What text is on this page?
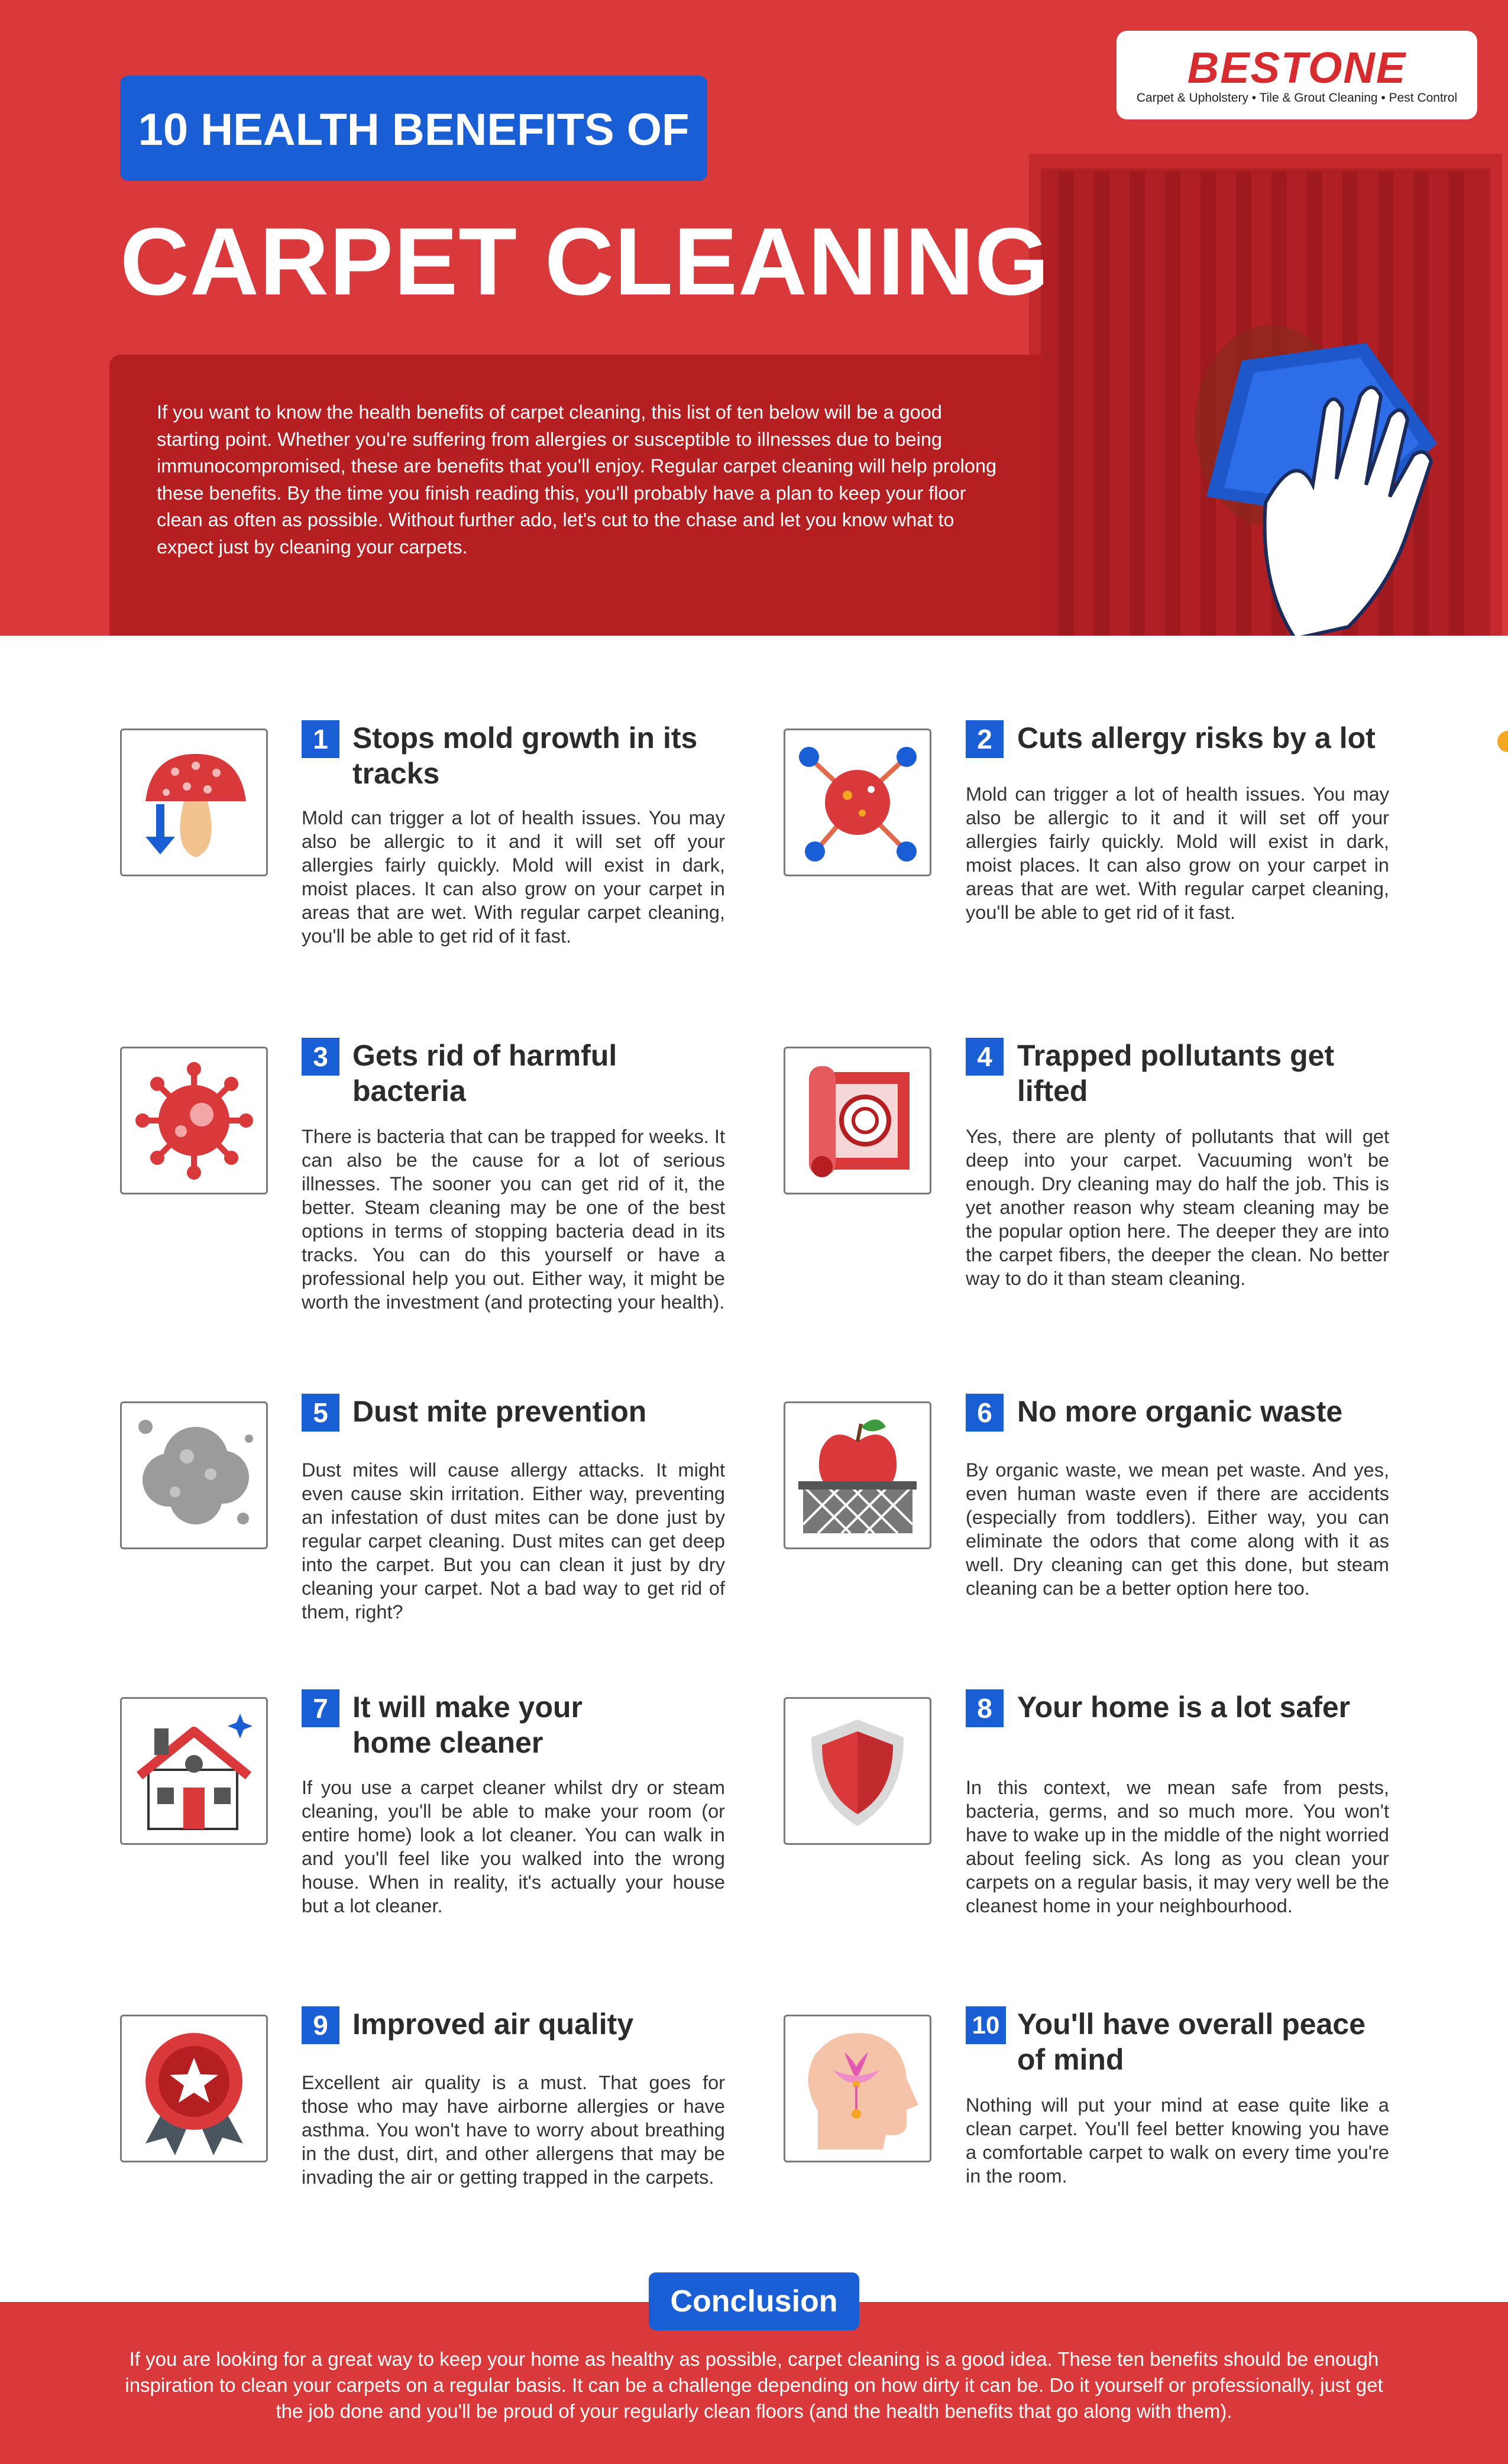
BESTONE
Carpet & Upholstery • Tile & Grout Cleaning • Pest Control
10 HEALTH BENEFITS OF
CARPET CLEANING
If you want to know the health benefits of carpet cleaning, this list of ten below will be a good starting point. Whether you're suffering from allergies or susceptible to illnesses due to being immunocompromised, these are benefits that you'll enjoy. Regular carpet cleaning will help prolong these benefits. By the time you finish reading this, you'll probably have a plan to keep your floor clean as often as possible. Without further ado, let's cut to the chase and let you know what to expect just by cleaning your carpets.
1 Stops mold growth in its
tracks
Mold can trigger a lot of health issues. You may also be allergic to it and it will set off your allergies fairly quickly. Mold will exist in dark, moist places. It can also grow on your carpet in areas that are wet. With regular carpet cleaning, you'll be able to get rid of it fast.
2 Cuts allergy risks by a lot
Mold can trigger a lot of health issues. You may also be allergic to it and it will set off your allergies fairly quickly. Mold will exist in dark, moist places. It can also grow on your carpet in areas that are wet. With regular carpet cleaning, you'll be able to get rid of it fast.
3 Gets rid of harmful
bacteria
There is bacteria that can be trapped for weeks. It can also be the cause for a lot of serious illnesses. The sooner you can get rid of it, the better. Steam cleaning may be one of the best options in terms of stopping bacteria dead in its tracks. You can do this yourself or have a professional help you out. Either way, it might be worth the investment (and protecting your health).
4 Trapped pollutants get
lifted
Yes, there are plenty of pollutants that will get deep into your carpet. Vacuuming won't be enough. Dry cleaning may do half the job. This is yet another reason why steam cleaning may be the popular option here. The deeper they are into the carpet fibers, the deeper the clean. No better way to do it than steam cleaning.
5 Dust mite prevention
Dust mites will cause allergy attacks. It might even cause skin irritation. Either way, preventing an infestation of dust mites can be done just by regular carpet cleaning. Dust mites can get deep into the carpet. But you can clean it just by dry cleaning your carpet. Not a bad way to get rid of them, right?
6 No more organic waste
By organic waste, we mean pet waste. And yes, even human waste even if there are accidents (especially from toddlers). Either way, you can eliminate the odors that come along with it as well. Dry cleaning can get this done, but steam cleaning can be a better option here too.
7 It will make your
home cleaner
If you use a carpet cleaner whilst dry or steam cleaning, you'll be able to make your room (or entire home) look a lot cleaner. You can walk in and you'll feel like you walked into the wrong house. When in reality, it's actually your house but a lot cleaner.
8 Your home is a lot safer
In this context, we mean safe from pests, bacteria, germs, and so much more. You won't have to wake up in the middle of the night worried about feeling sick. As long as you clean your carpets on a regular basis, it may very well be the cleanest home in your neighbourhood.
9 Improved air quality
Excellent air quality is a must. That goes for those who may have airborne allergies or have asthma. You won't have to worry about breathing in the dust, dirt, and other allergens that may be invading the air or getting trapped in the carpets.
10 You'll have overall peace
of mind
Nothing will put your mind at ease quite like a clean carpet. You'll feel better knowing you have a comfortable carpet to walk on every time you're in the room.
Conclusion
If you are looking for a great way to keep your home as healthy as possible, carpet cleaning is a good idea. These ten benefits should be enough inspiration to clean your carpets on a regular basis. It can be a challenge depending on how dirty it can be. Do it yourself or professionally, just get the job done and you'll be proud of your regularly clean floors (and the health benefits that go along with them).
